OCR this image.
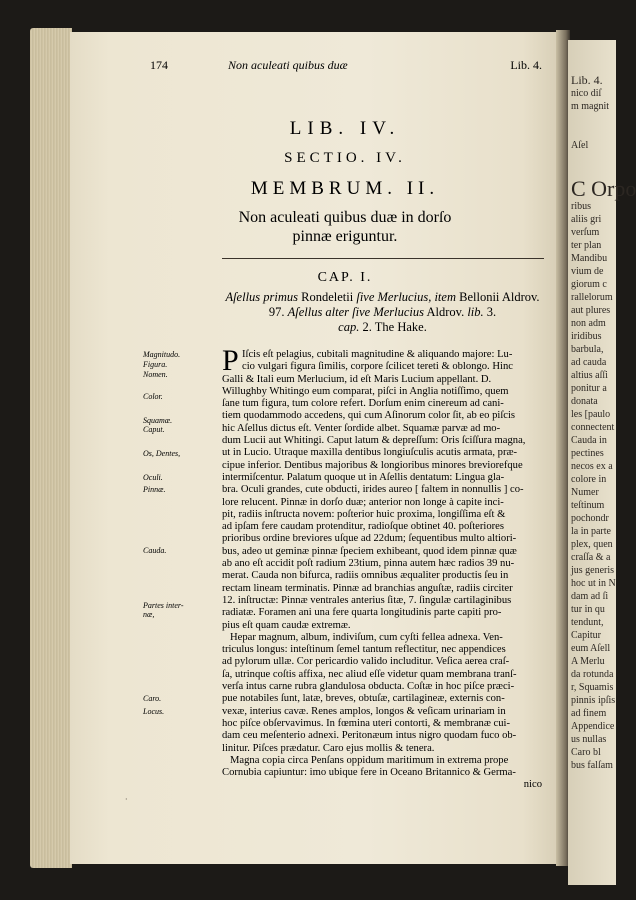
Lib. 4.
nico diſ
m magnit

Aſel

C Orpo
ribus
aliis gri
verſum
ter plan
Mandibu
vium de
giorum c
rallelorum
aut plures
non adm
iridibus
barbula,
ad cauda
altius aſſi
ponitur a
donata
les [paulo
connectent
Cauda in
pectines
necos ex a
colore in
Numer
teſtinum
pochondr
la in parte
plex, quen
craſſa & a
jus generis
hoc ut in N
dam ad ſi
tur in qu
tendunt,
Capitur
eum Aſell
A Merlu
da rotunda
r, Squamis
pinnis ipſis
ad finem
Appendice
us nullas
Caro bl
bus falſam
174	Non aculeati quibus duæ	Lib. 4.
LIB. IV.
SECTIO. IV.
MEMBRUM. II.
Non aculeati quibus duæ in dorſo
pinnæ eriguntur.
CAP. I.
Aſellus primus Rondeletii ſive Merlucius, item Bellonii Aldrov.
97. Aſellus alter ſive Merlucius Aldrov. lib. 3.
cap. 2. The Hake.
Magnitudo.
Figura.
Nomen.
Color.
Squamæ.
Caput.
Os, Dentes,
Oculi.
Pinnæ.
Cauda.
Partes inter-
næ,
Caro.
Locus.
P Iſcis eſt pelagius, cubitali magnitudine & aliquando majore: Lu-
cio vulgari figura ſimilis, corpore ſcilicet tereti & oblongo. Hinc
Galli & Itali eum Merlucium, id eſt Maris Lucium appellant. D.
Willughby Whitingo eum comparat, piſci in Anglia notiſſimo, quem
ſane tum figura, tum colore refert. Dorſum enim cinereum ad cani-
tiem quodammodo accedens, qui cum Aſinorum color ſit, ab eo piſcis
hic Aſellus dictus eſt. Venter ſordide albet. Squamæ parvæ ad mo-
dum Lucii aut Whitingi. Caput latum & depreſſum: Oris ſciſſura magna,
ut in Lucio. Utraque maxilla dentibus longiuſculis acutis armata, præ-
cipue inferior. Dentibus majoribus & longioribus minores breviorefque
intermiſcentur. Palatum quoque ut in Aſellis dentatum: Lingua gla-
bra. Oculi grandes, cute obducti, irides aureo [ faltem in nonnullis ] co-
lore relucent. Pinnæ in dorſo duæ; anterior non longe à capite inci-
pit, radiis inſtructa novem: poſterior huic proxima, longiſſima eſt &
ad ipſam fere caudam protenditur, radioſque obtinet 40. poſteriores
prioribus ordine breviores uſque ad 22dum; ſequentibus multo altiori-
bus, adeo ut geminæ pinnæ ſpeciem exhibeant, quod idem pinnæ quæ
ab ano eſt accidit poſt radium 23tium, pinna autem hæc radios 39 nu-
merat. Cauda non bifurca, radiis omnibus æqualiter productis ſeu in
rectam lineam terminatis. Pinnæ ad branchias anguſtæ, radiis circiter
12. inſtructæ: Pinnæ ventrales anterius ſitæ, 7. ſingulæ cartilaginibus
radiatæ. Foramen ani una fere quarta longitudinis parte capiti pro-
pius eſt quam caudæ extremæ.
Hepar magnum, album, indiviſum, cum cyſti fellea adnexa. Ven-
triculus longus: inteſtinum ſemel tantum reflectitur, nec appendices
ad pylorum ullæ. Cor pericardio valido includitur. Veſica aerea craſ-
ſa, utrinque coſtis affixa, nec aliud eſſe videtur quam membrana tranſ-
verſa intus carne rubra glandulosa obducta. Coſtæ in hoc piſce præci-
pue notabiles ſunt, latæ, breves, obtuſæ, cartilagineæ, externis con-
vexæ, interius cavæ. Renes amplos, longos & veſicam urinariam in
hoc piſce obſervavimus. In fœmina uteri contorti, & membranæ cui-
dam ceu meſenterio adnexi. Peritonæum intus nigro quodam fuco ob-
linitur. Piſces prædatur. Caro ejus mollis & tenera.
Magna copia circa Penſans oppidum maritimum in extrema prope
Cornubia capiuntur: imo ubique fere in Oceano Britannico & Germa-
nico
·
